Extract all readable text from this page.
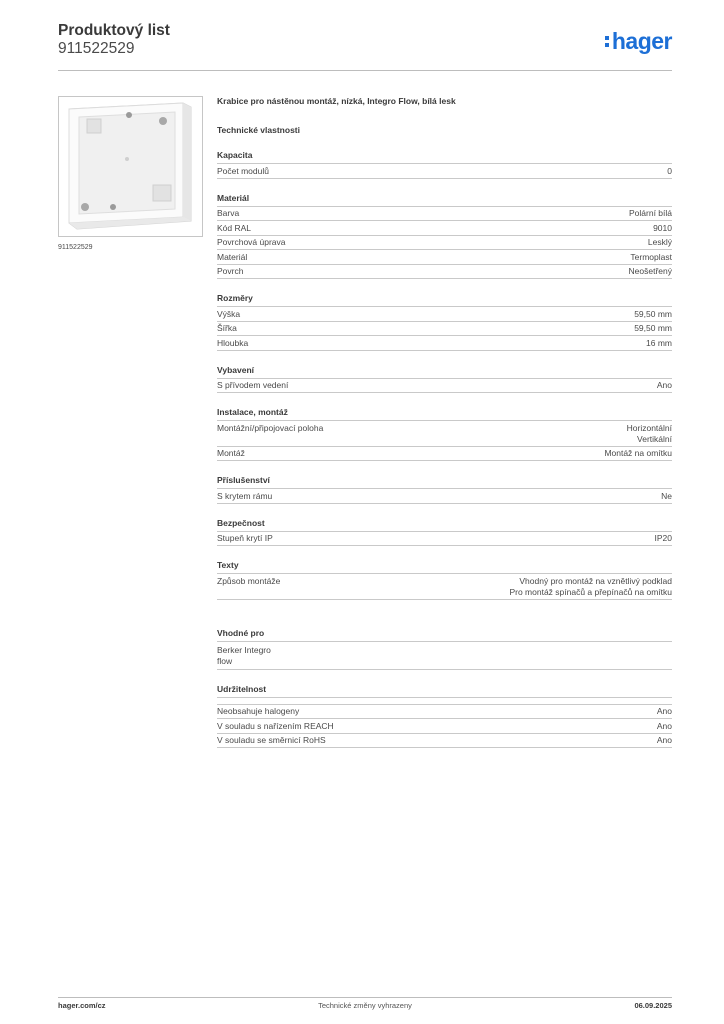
Produktový list
911522529	hager
911522529
Krabice pro nástěnou montáž, nízká, Integro Flow, bílá lesk
Technické vlastnosti
Kapacita
Počet modulů	0
Materiál
Barva	Polární bílá
Kód RAL	9010
Povrchová úprava	Lesklý
Materiál	Termoplast
Povrch	Neošetřený
Rozměry
Výška	59,50 mm
Šířka	59,50 mm
Hloubka	16 mm
Vybavení
S přívodem vedení	Ano
Instalace, montáž
Montážní/připojovací poloha	Horizontální
Vertikální
Montáž	Montáž na omítku
Příslušenství
S krytem rámu	Ne
Bezpečnost
Stupeň krytí IP	IP20
Texty
Způsob montáže	Vhodný pro montáž na vznětlivý podklad
Pro montáž spínačů a přepínačů na omítku
Vhodné pro
Berker Integro
flow
Udržitelnost
Neobsahuje halogeny	Ano
V souladu s nařízením REACH	Ano
V souladu se směrnicí RoHS	Ano
hager.com/cz	Technické změny vyhrazeny	06.09.2025
